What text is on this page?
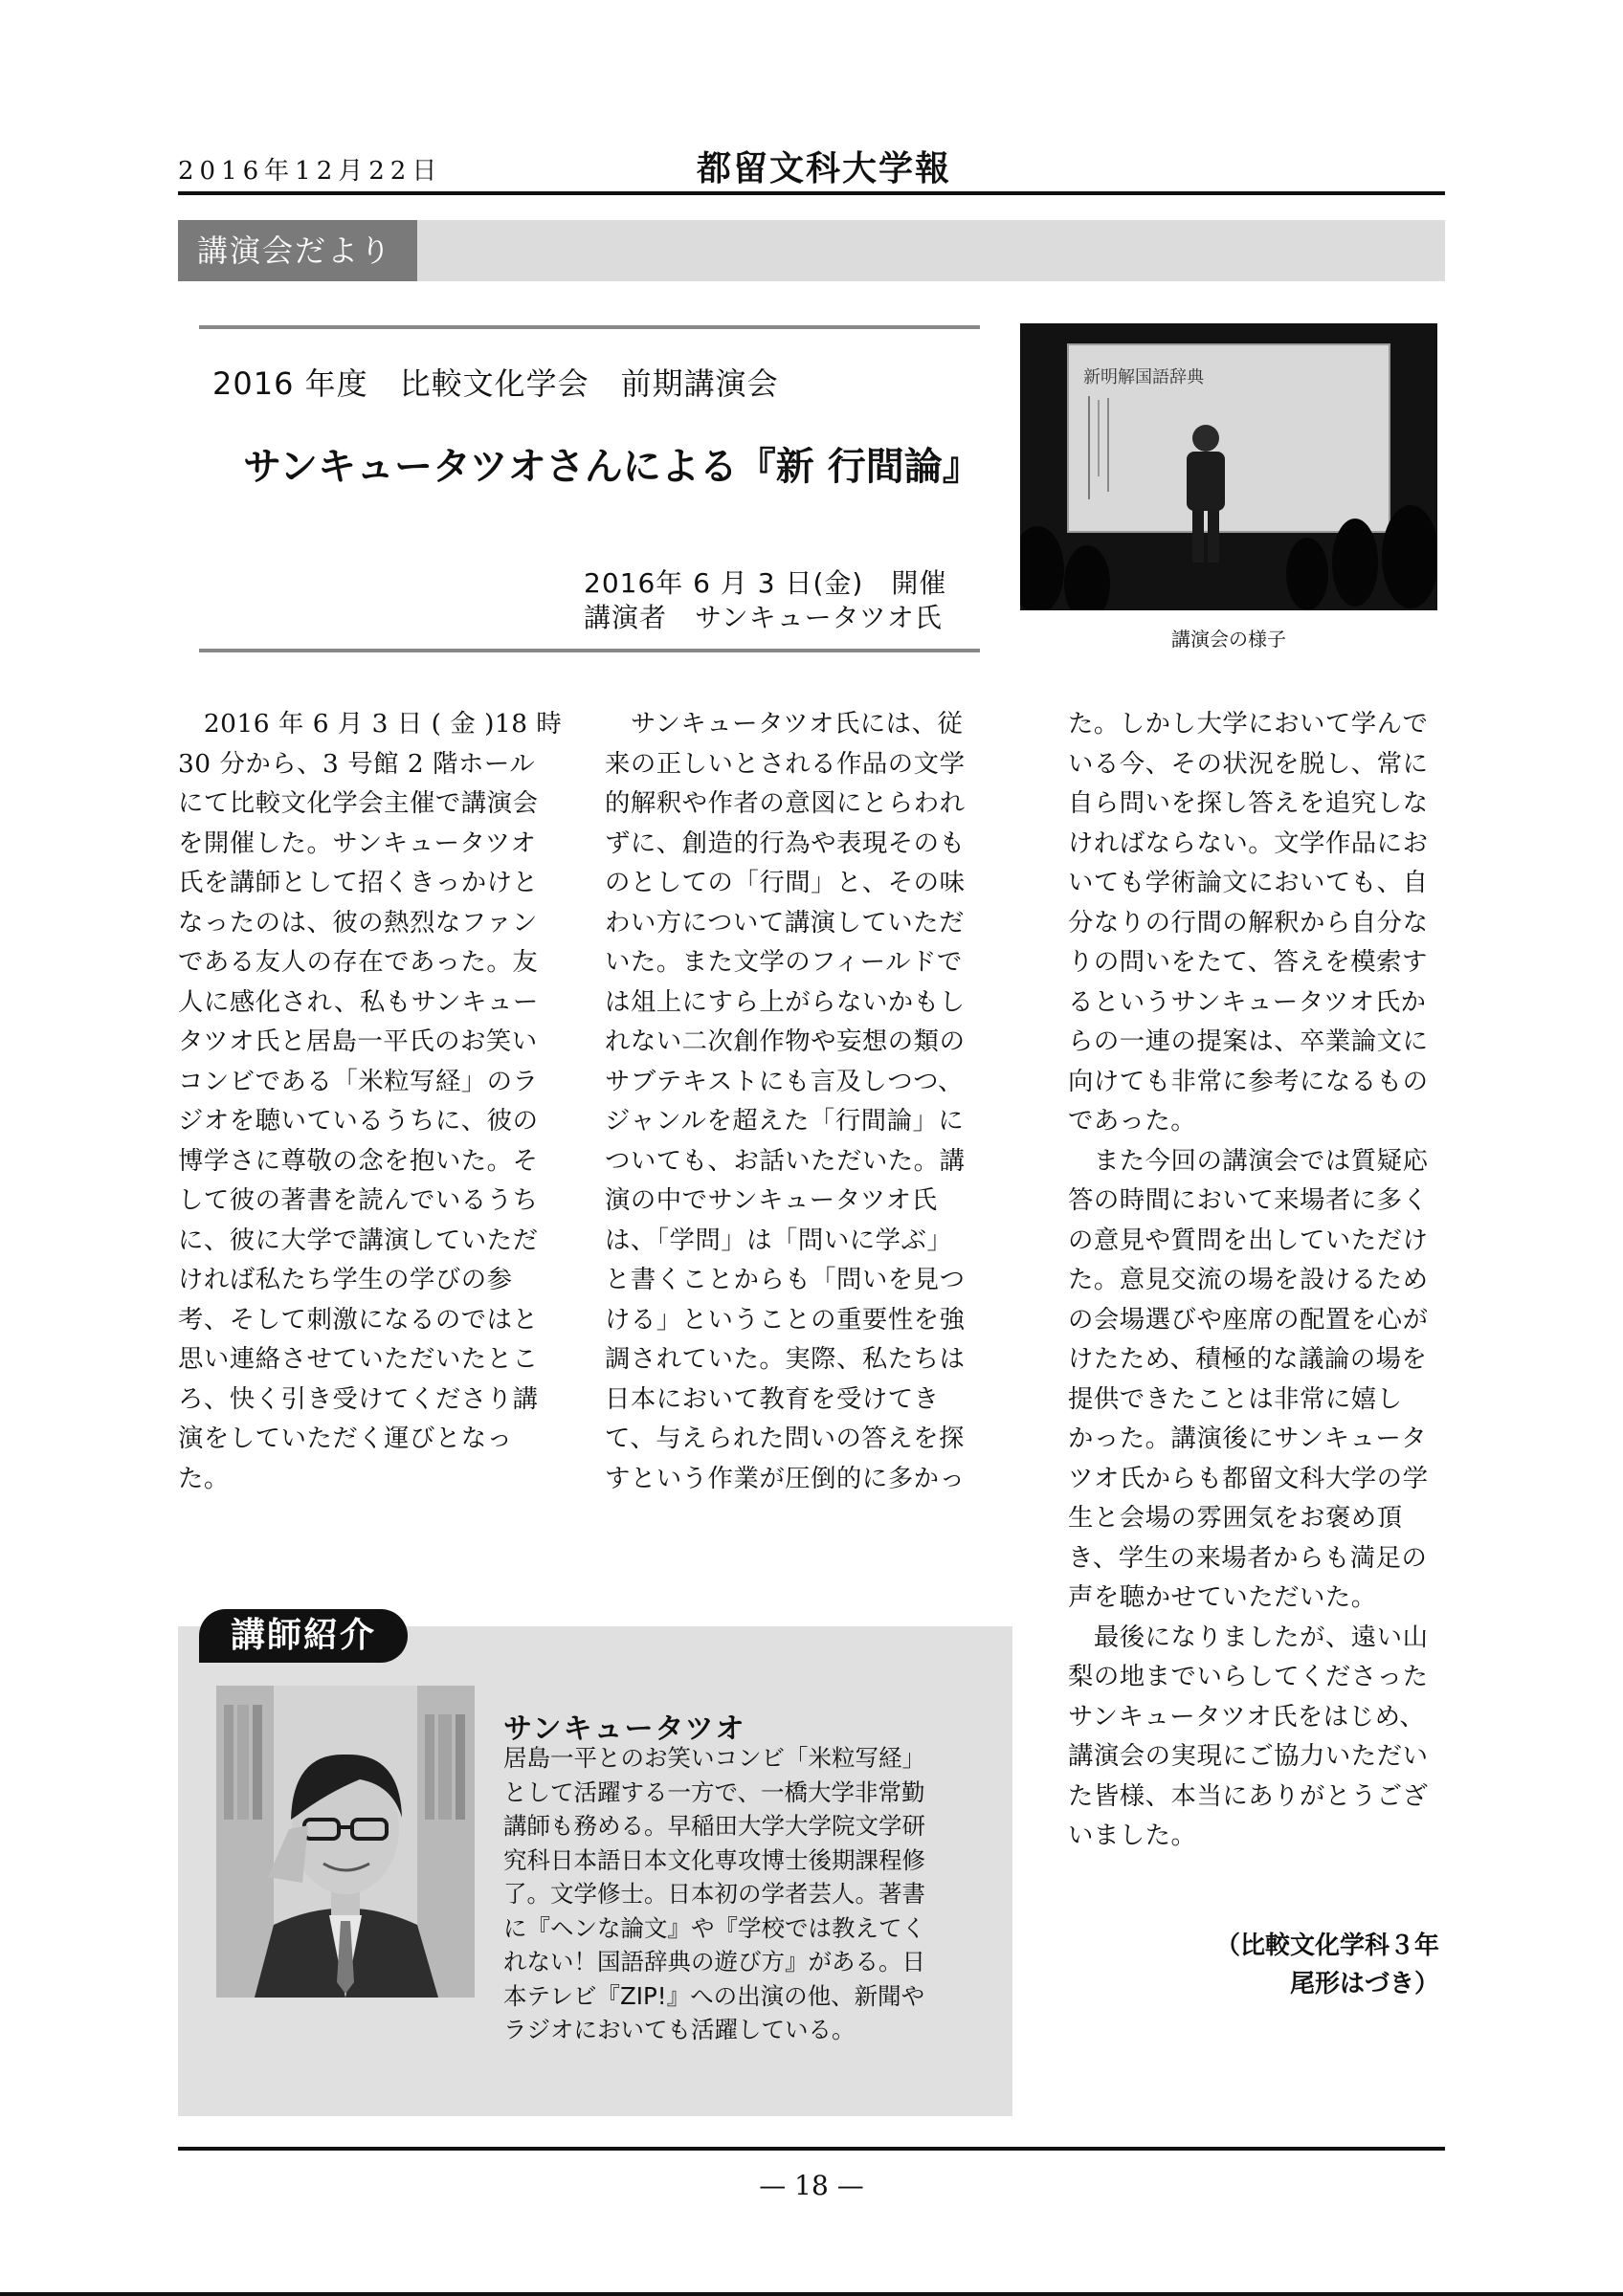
2016年12月22日	都留文科大学報
講演会だより
2016 年度　比較文化学会　前期講演会
サンキュータツオさんによる『新 行間論』
2016年 6 月 3 日(金)　開催
講演者　サンキュータツオ氏
新明解国語辞典
講演会の様子
　2016 年 6 月 3 日 ( 金 )18 時
30 分から、3 号館 2 階ホール
にて比較文化学会主催で講演会
を開催した。サンキュータツオ
氏を講師として招くきっかけと
なったのは、彼の熱烈なファン
である友人の存在であった。友
人に感化され、私もサンキュー
タツオ氏と居島一平氏のお笑い
コンビである「米粒写経」のラ
ジオを聴いているうちに、彼の
博学さに尊敬の念を抱いた。そ
して彼の著書を読んでいるうち
に、彼に大学で講演していただ
ければ私たち学生の学びの参
考、そして刺激になるのではと
思い連絡させていただいたとこ
ろ、快く引き受けてくださり講
演をしていただく運びとなっ
た。
　サンキュータツオ氏には、従
来の正しいとされる作品の文学
的解釈や作者の意図にとらわれ
ずに、創造的行為や表現そのも
のとしての「行間」と、その味
わい方について講演していただ
いた。また文学のフィールドで
は俎上にすら上がらないかもし
れない二次創作物や妄想の類の
サブテキストにも言及しつつ、
ジャンルを超えた「行間論」に
ついても、お話いただいた。講
演の中でサンキュータツオ氏
は、「学問」は「問いに学ぶ」
と書くことからも「問いを見つ
ける」ということの重要性を強
調されていた。実際、私たちは
日本において教育を受けてき
て、与えられた問いの答えを探
すという作業が圧倒的に多かっ
た。しかし大学において学んで
いる今、その状況を脱し、常に
自ら問いを探し答えを追究しな
ければならない。文学作品にお
いても学術論文においても、自
分なりの行間の解釈から自分な
りの問いをたて、答えを模索す
るというサンキュータツオ氏か
らの一連の提案は、卒業論文に
向けても非常に参考になるもの
であった。
　また今回の講演会では質疑応
答の時間において来場者に多く
の意見や質問を出していただけ
た。意見交流の場を設けるため
の会場選びや座席の配置を心が
けたため、積極的な議論の場を
提供できたことは非常に嬉し
かった。講演後にサンキュータ
ツオ氏からも都留文科大学の学
生と会場の雰囲気をお褒め頂
き、学生の来場者からも満足の
声を聴かせていただいた。
　最後になりましたが、遠い山
梨の地までいらしてくださった
サンキュータツオ氏をはじめ、
講演会の実現にご協力いただい
た皆様、本当にありがとうござ
いました。
講師紹介
サンキュータツオ
居島一平とのお笑いコンビ「米粒写経」
として活躍する一方で、一橋大学非常勤
講師も務める。早稲田大学大学院文学研
究科日本語日本文化専攻博士後期課程修
了。文学修士。日本初の学者芸人。著書
に『ヘンな論文』や『学校では教えてく
れない！国語辞典の遊び方』がある。日
本テレビ『ZIP!』への出演の他、新聞や
ラジオにおいても活躍している。
（比較文化学科３年
尾形はづき）
— 18 —
